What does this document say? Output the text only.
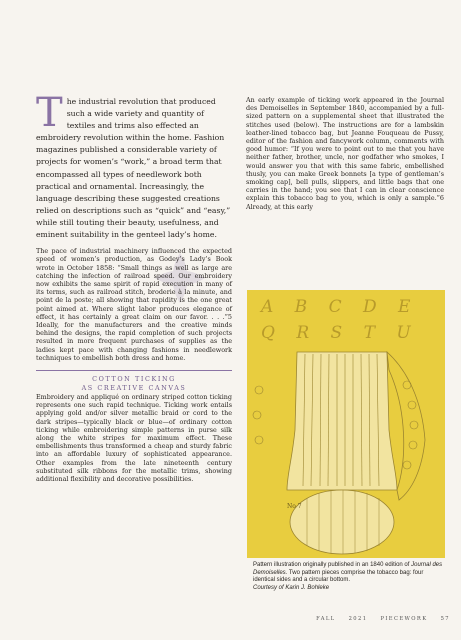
T he industrial revolution that produced such a wide variety and quantity of textiles and trims also effected an embroidery revolution within the home. Fashion magazines published a considerable variety of projects for women’s “work,” a broad term that encompassed all types of needlework both practical and ornamental. Increasingly, the language describing these suggested creations relied on descriptions such as “quick” and “easy,” while still touting their beauty, usefulness, and eminent suitability in the genteel lady’s home.

The pace of industrial machinery influenced the expected speed of women’s production, as Godey’s Lady’s Book wrote in October 1858: “Small things as well as large are catching the infection of railroad speed. Our embroidery now exhibits the same spirit of rapid execution in many of its terms, such as railroad stitch, broderie à la minute, and point de la poste; all showing that rapidity is the one great point aimed at. Where slight labor produces elegance of effect, it has certainly a great claim on our favor. . . .”5 Ideally, for the manufacturers and the creative minds behind the designs, the rapid completion of such projects resulted in more frequent purchases of supplies as the ladies kept pace with changing fashions in needlework techniques to embellish both dress and home.

COTTON TICKING
AS CREATIVE CANVAS

Embroidery and appliqué on ordinary striped cotton ticking represents one such rapid technique. Ticking work entails applying gold and/or silver metallic braid or cord to the dark stripes—typically black or blue—of ordinary cotton ticking while embroidering simple patterns in purse silk along the white stripes for maximum effect. These embellishments thus transformed a cheap and sturdy fabric into an affordable luxury of sophisticated appearance. Other examples from the late nineteenth century substituted silk ribbons for the metallic trims, showing additional flexibility and decorative possibilities.

An early example of ticking work appeared in the Journal des Demoiselles in September 1840, accompanied by a full-sized pattern on a supplemental sheet that illustrated the stitches used (below). The instructions are for a lambskin leather-lined tobacco bag, but Jeanne Fouqueau de Pussy, editor of the fashion and fancywork column, comments with good humor: “If you were to point out to me that you have neither father, brother, uncle, nor godfather who smokes, I would answer you that with this same fabric, embellished thusly, you can make Greek bonnets [a type of gentleman’s smoking cap], bell pulls, slippers, and little bags that one carries in the hand; you see that I can in clear conscience explain this tobacco bag to you, which is only a sample.”6 Already, at this early

A B C D E
Q R S T U
No 7
Pattern illustration originally published in an 1840 edition of Journal des Demoiselles. Two pattern pieces comprise the tobacco bag: four identical sides and a circular bottom.
Courtesy of Karin J. Bohleke
FALL	2021	PIECEWORK	57
